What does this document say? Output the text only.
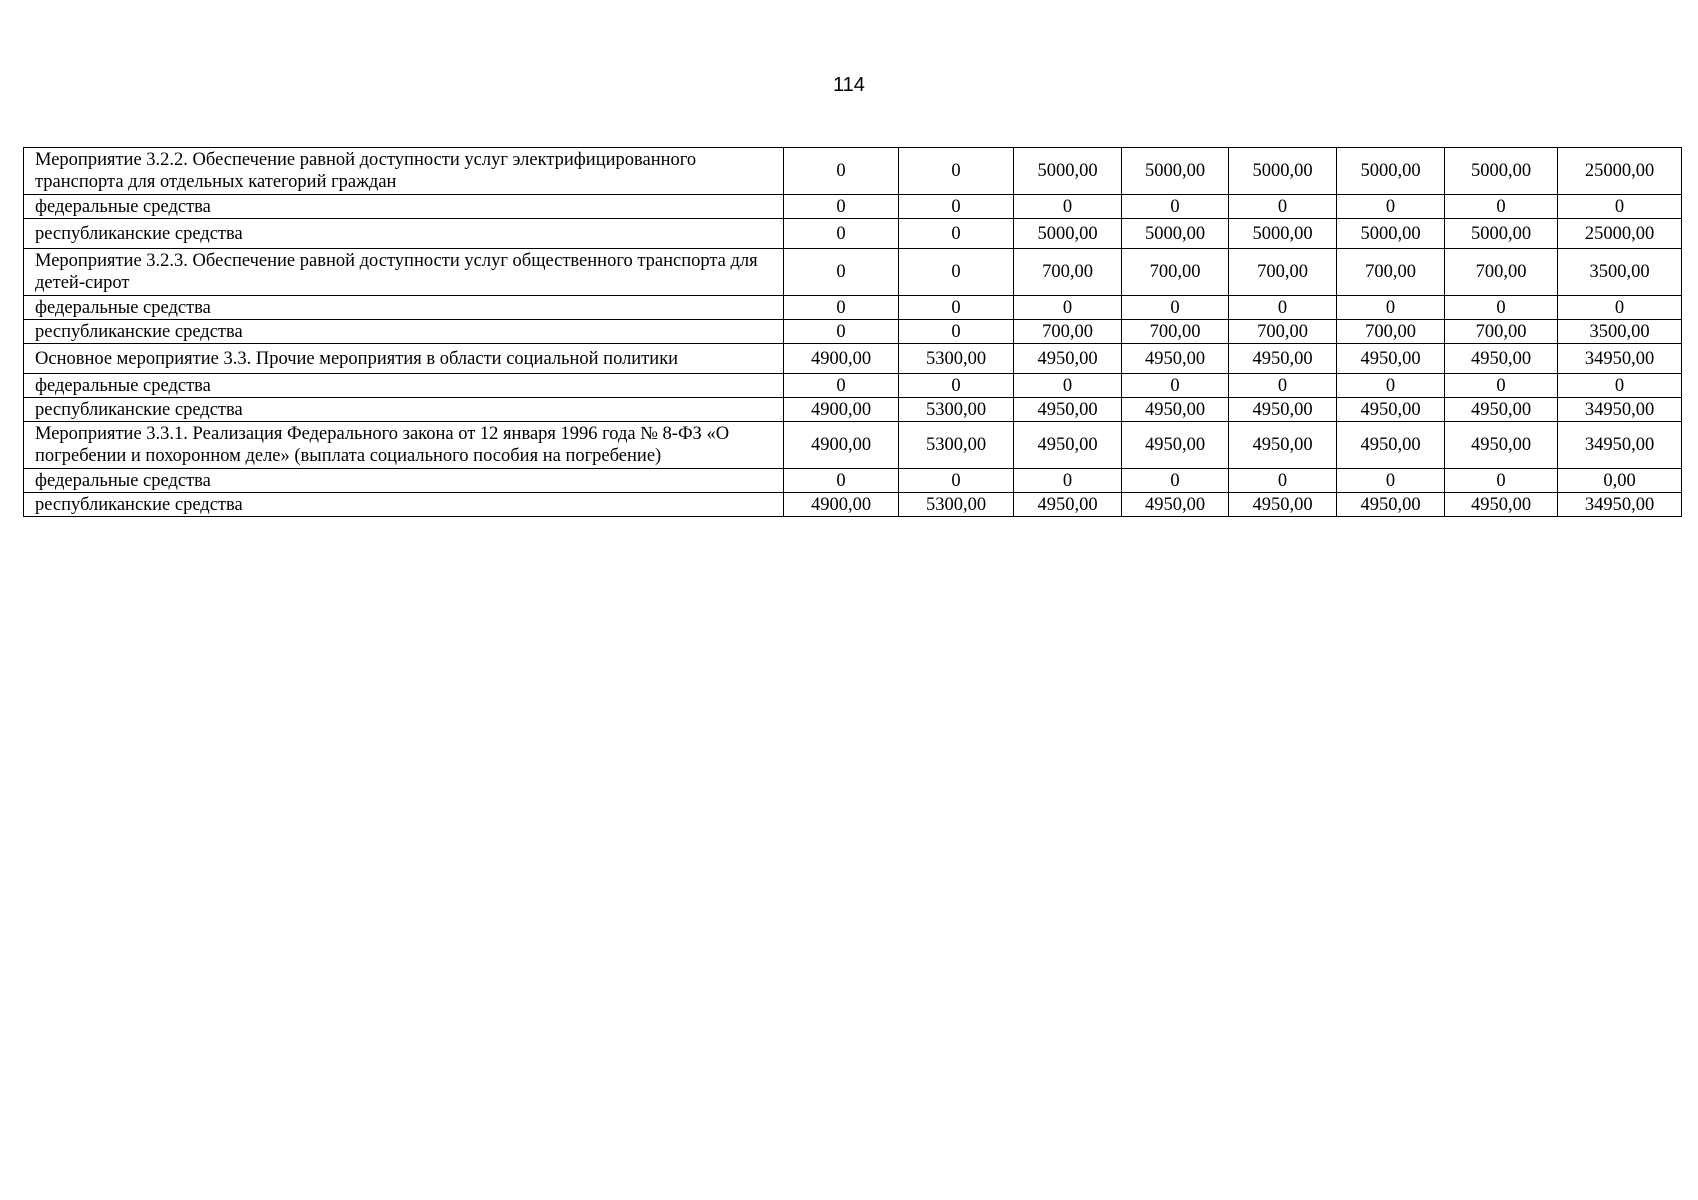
114
Мероприятие 3.2.2. Обеспечение равной доступности услуг электрифицированного транспорта для отдельных категорий граждан	0	0	5000,00	5000,00	5000,00	5000,00	5000,00	25000,00
федеральные средства	0	0	0	0	0	0	0	0
республиканские средства	0	0	5000,00	5000,00	5000,00	5000,00	5000,00	25000,00
Мероприятие 3.2.3. Обеспечение равной доступности услуг общественного транспорта для детей-сирот	0	0	700,00	700,00	700,00	700,00	700,00	3500,00
федеральные средства	0	0	0	0	0	0	0	0
республиканские средства	0	0	700,00	700,00	700,00	700,00	700,00	3500,00
Основное мероприятие 3.3. Прочие мероприятия в области социальной политики	4900,00	5300,00	4950,00	4950,00	4950,00	4950,00	4950,00	34950,00
федеральные средства	0	0	0	0	0	0	0	0
республиканские средства	4900,00	5300,00	4950,00	4950,00	4950,00	4950,00	4950,00	34950,00
Мероприятие 3.3.1. Реализация Федерального закона от 12 января 1996 года № 8-ФЗ «О погребении и похоронном деле» (выплата социального пособия на погребение)	4900,00	5300,00	4950,00	4950,00	4950,00	4950,00	4950,00	34950,00
федеральные средства	0	0	0	0	0	0	0	0,00
республиканские средства	4900,00	5300,00	4950,00	4950,00	4950,00	4950,00	4950,00	34950,00
